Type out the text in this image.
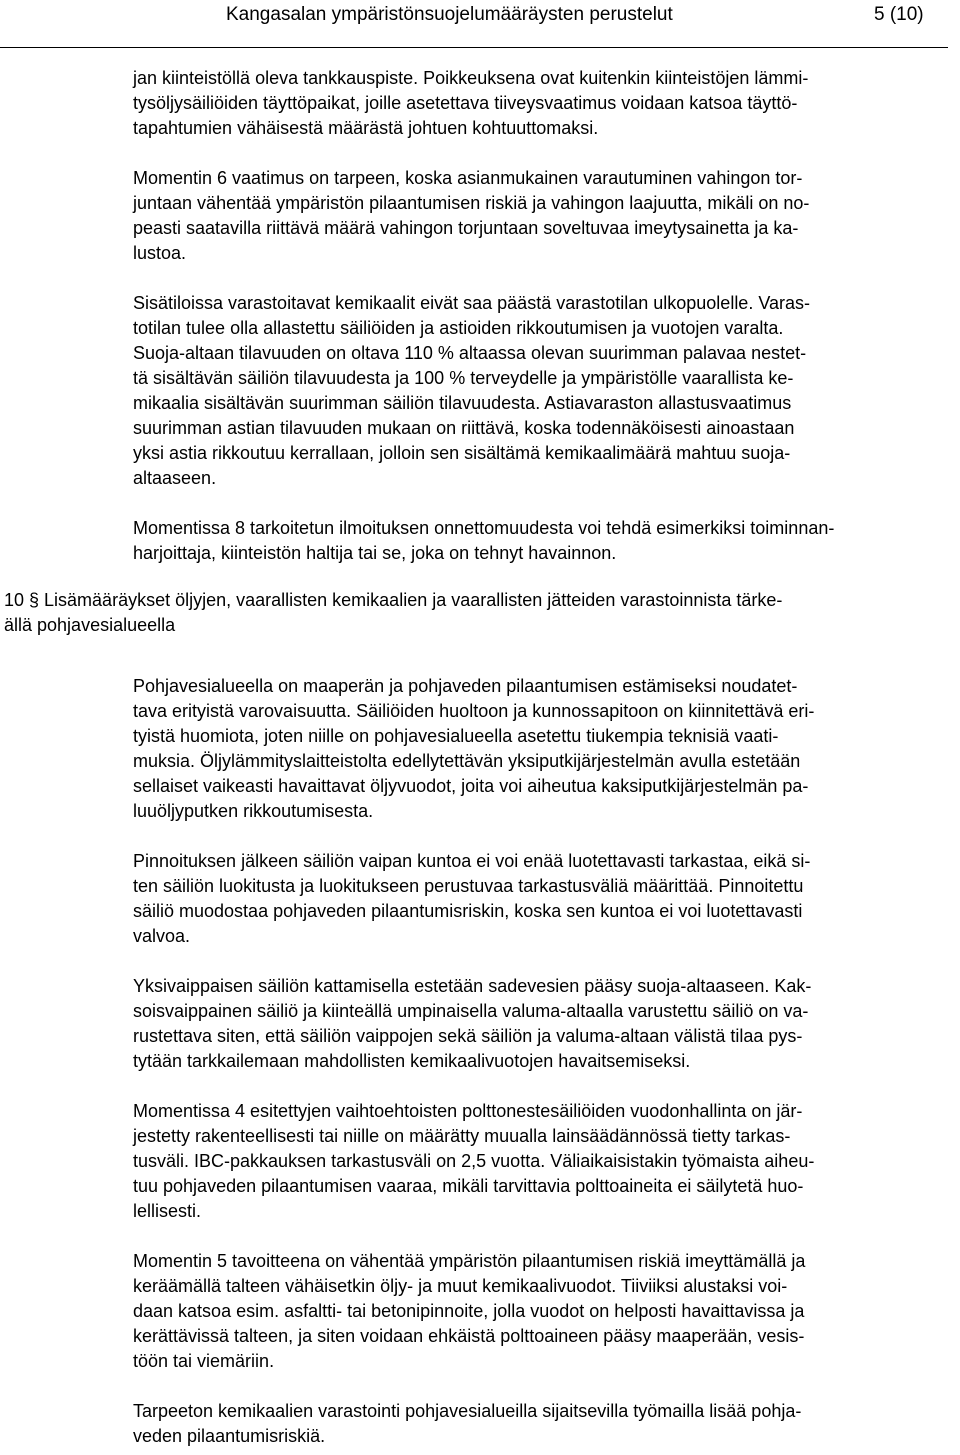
Kangasalan ympäristönsuojelumääräysten perustelut	5 (10)

jan kiinteistöllä oleva tankkauspiste. Poikkeuksena ovat kuitenkin kiinteistöjen lämmi-
tysöljysäiliöiden täyttöpaikat, joille asetettava tiiveysvaatimus voidaan katsoa täyttö-
tapahtumien vähäisestä määrästä johtuen kohtuuttomaksi.

Momentin 6 vaatimus on tarpeen, koska asianmukainen varautuminen vahingon tor-
juntaan vähentää ympäristön pilaantumisen riskiä ja vahingon laajuutta, mikäli on no-
peasti saatavilla riittävä määrä vahingon torjuntaan soveltuvaa imeytysainetta ja ka-
lustoa.

Sisätiloissa varastoitavat kemikaalit eivät saa päästä varastotilan ulkopuolelle. Varas-
totilan tulee olla allastettu säiliöiden ja astioiden rikkoutumisen ja vuotojen varalta.
Suoja-altaan tilavuuden on oltava 110 % altaassa olevan suurimman palavaa nestet-
tä sisältävän säiliön tilavuudesta ja 100 % terveydelle ja ympäristölle vaarallista ke-
mikaalia sisältävän suurimman säiliön tilavuudesta. Astiavaraston allastusvaatimus
suurimman astian tilavuuden mukaan on riittävä, koska todennäköisesti ainoastaan
yksi astia rikkoutuu kerrallaan, jolloin sen sisältämä kemikaalimäärä mahtuu suoja-
altaaseen.

Momentissa 8 tarkoitetun ilmoituksen onnettomuudesta voi tehdä esimerkiksi toiminnan-
harjoittaja, kiinteistön haltija tai se, joka on tehnyt havainnon.

10 § Lisämääräykset öljyjen, vaarallisten kemikaalien ja vaarallisten jätteiden varastoinnista tärke-
ällä pohjavesialueella

Pohjavesialueella on maaperän ja pohjaveden pilaantumisen estämiseksi noudatet-
tava erityistä varovaisuutta. Säiliöiden huoltoon ja kunnossapitoon on kiinnitettävä eri-
tyistä huomiota, joten niille on pohjavesialueella asetettu tiukempia teknisiä vaati-
muksia. Öljylämmityslaitteistolta edellytettävän yksiputkijärjestelmän avulla estetään
sellaiset vaikeasti havaittavat öljyvuodot, joita voi aiheutua kaksiputkijärjestelmän pa-
luuöljyputken rikkoutumisesta.

Pinnoituksen jälkeen säiliön vaipan kuntoa ei voi enää luotettavasti tarkastaa, eikä si-
ten säiliön luokitusta ja luokitukseen perustuvaa tarkastusväliä määrittää. Pinnoitettu
säiliö muodostaa pohjaveden pilaantumisriskin, koska sen kuntoa ei voi luotettavasti
valvoa.

Yksivaippaisen säiliön kattamisella estetään sadevesien pääsy suoja-altaaseen. Kak-
soisvaippainen säiliö ja kiinteällä umpinaisella valuma-altaalla varustettu säiliö on va-
rustettava siten, että säiliön vaippojen sekä säiliön ja valuma-altaan välistä tilaa pys-
tytään tarkkailemaan mahdollisten kemikaalivuotojen havaitsemiseksi.

Momentissa 4 esitettyjen vaihtoehtoisten polttonestesäiliöiden vuodonhallinta on jär-
jestetty rakenteellisesti tai niille on määrätty muualla lainsäädännössä tietty tarkas-
tusväli. IBC-pakkauksen tarkastusväli on 2,5 vuotta. Väliaikaisistakin työmaista aiheu-
tuu pohjaveden pilaantumisen vaaraa, mikäli tarvittavia polttoaineita ei säilytetä huo-
lellisesti.

Momentin 5 tavoitteena on vähentää ympäristön pilaantumisen riskiä imeyttämällä ja
keräämällä talteen vähäisetkin öljy- ja muut kemikaalivuodot. Tiiviiksi alustaksi voi-
daan katsoa esim. asfaltti- tai betonipinnoite, jolla vuodot on helposti havaittavissa ja
kerättävissä talteen, ja siten voidaan ehkäistä polttoaineen pääsy maaperään, vesis-
töön tai viemäriin.

Tarpeeton kemikaalien varastointi pohjavesialueilla sijaitsevilla työmailla lisää pohja-
veden pilaantumisriskiä.
